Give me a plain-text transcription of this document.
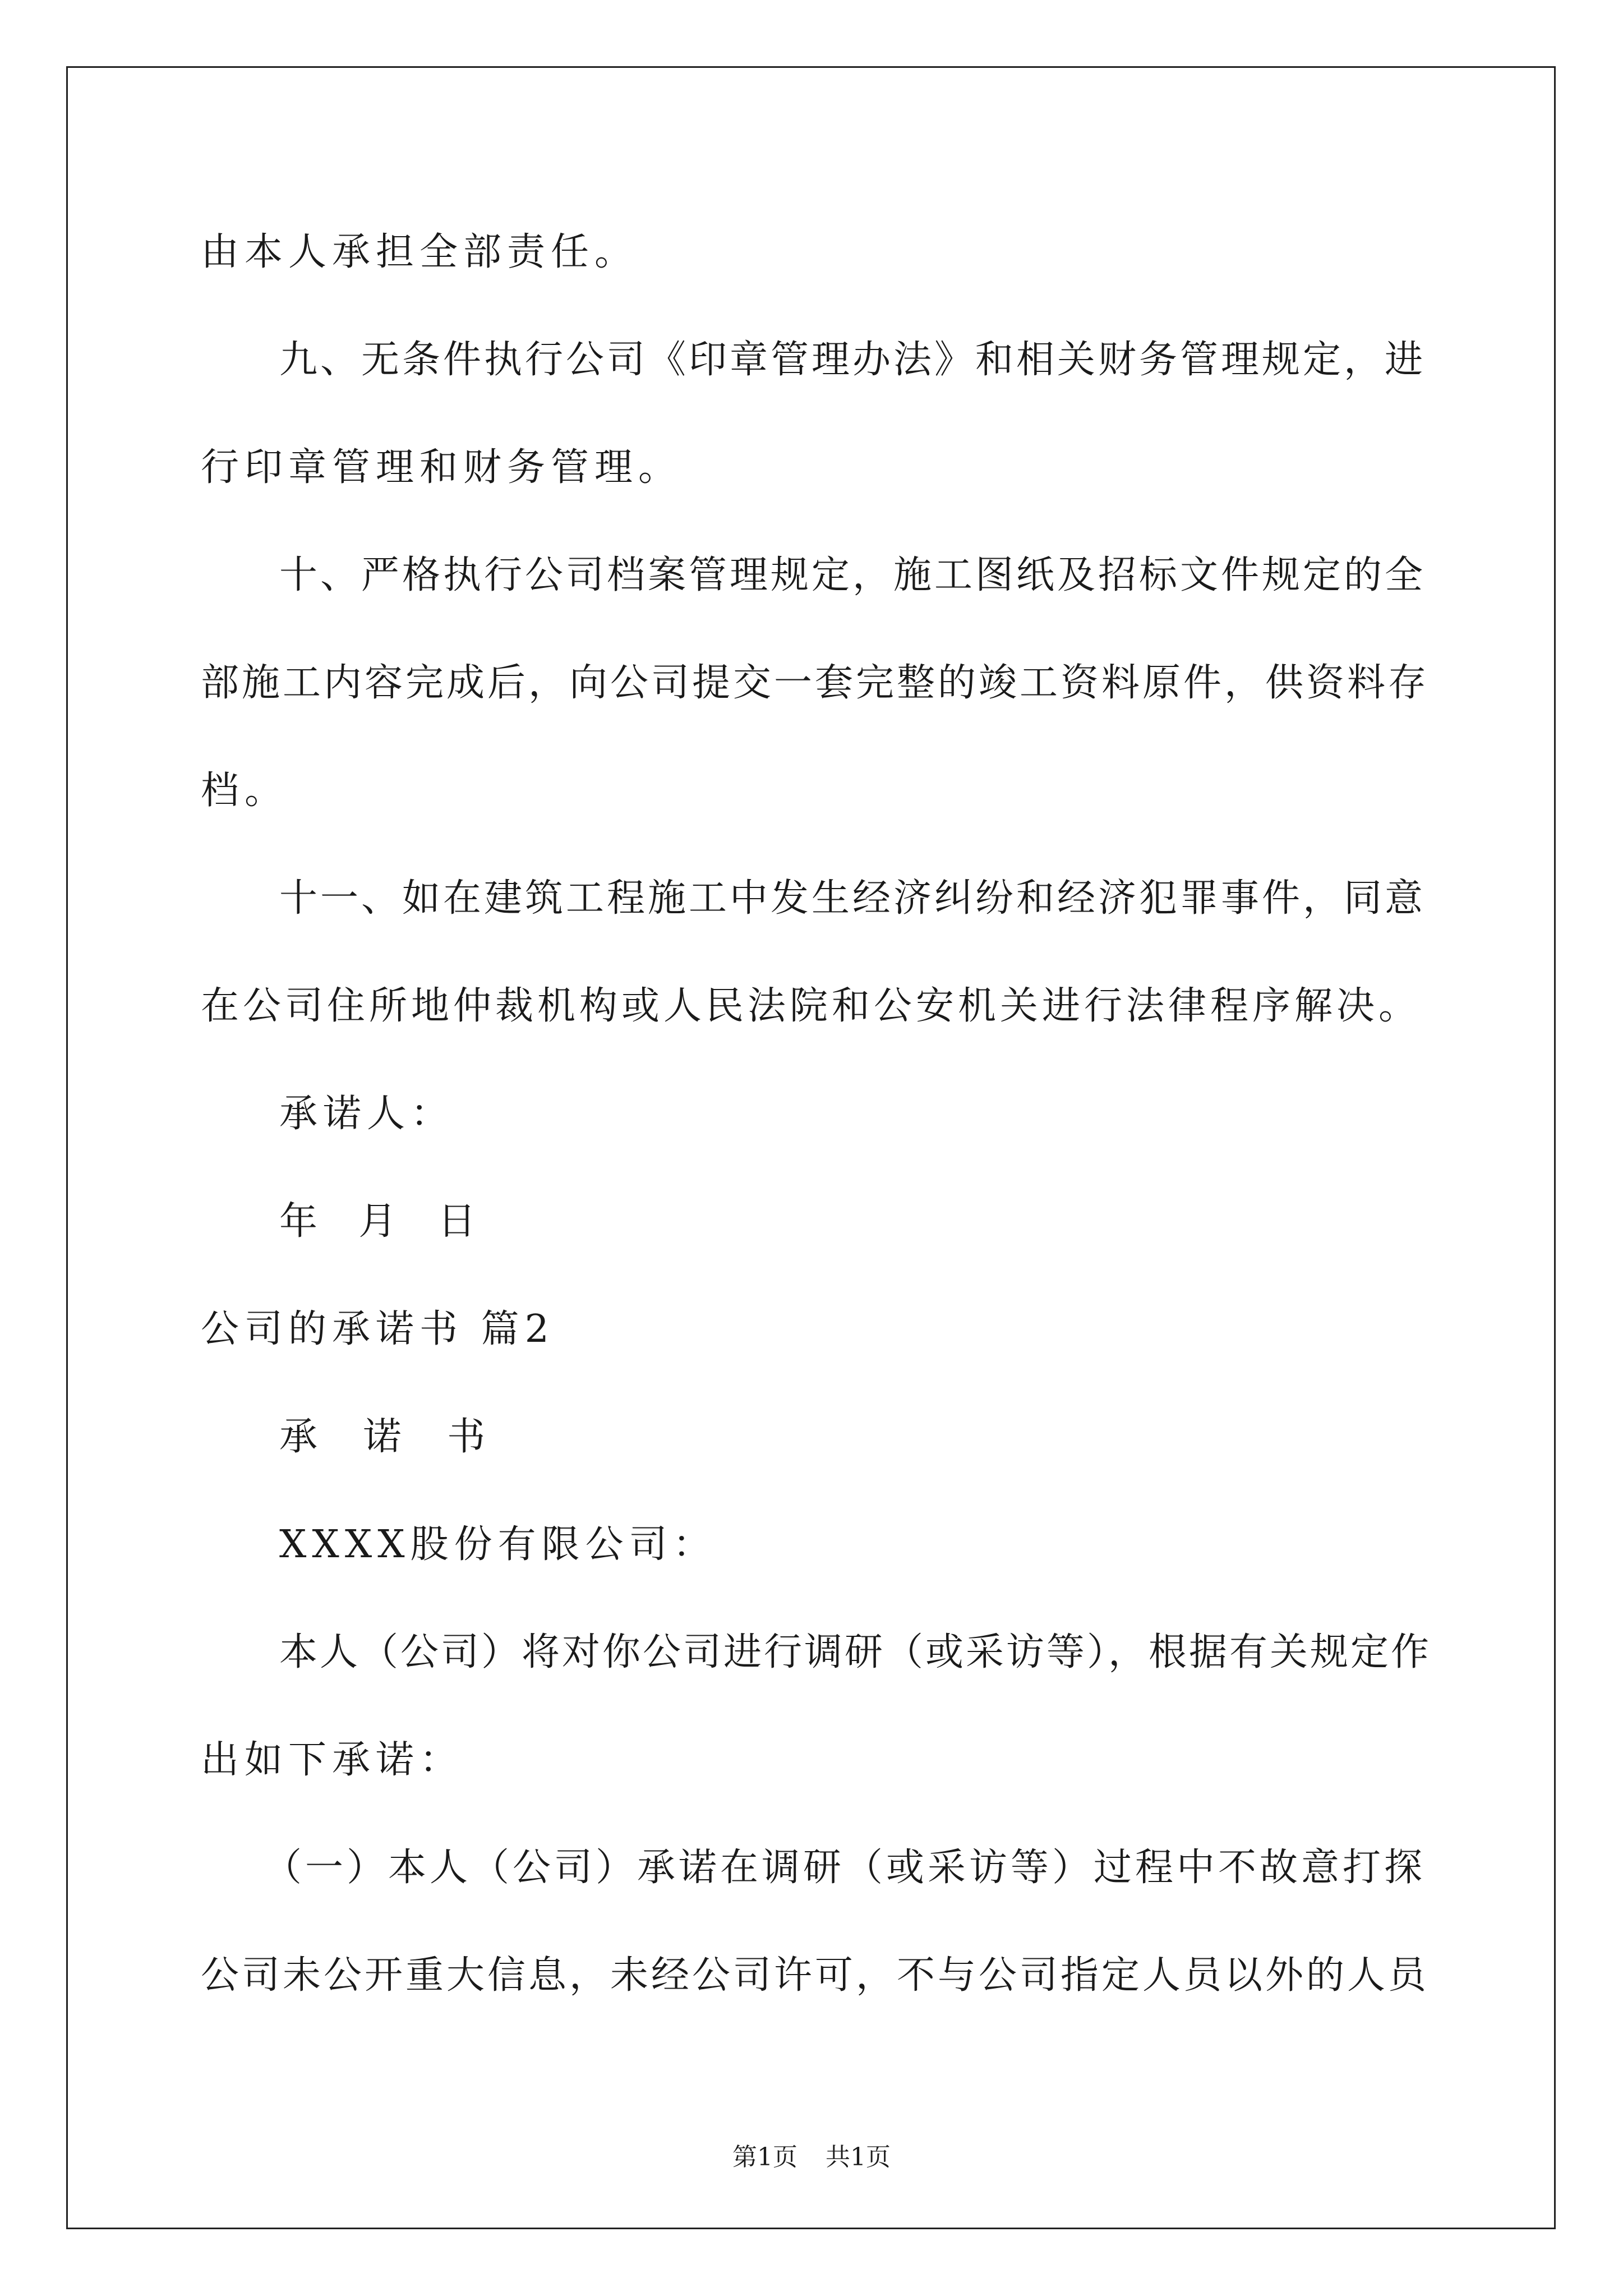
由本人承担全部责任。
九、无条件执行公司《印章管理办法》和相关财务管理规定，进
行印章管理和财务管理。
十、严格执行公司档案管理规定，施工图纸及招标文件规定的全
部施工内容完成后，向公司提交一套完整的竣工资料原件，供资料存
档。
十一、如在建筑工程施工中发生经济纠纷和经济犯罪事件，同意
在公司住所地仲裁机构或人民法院和公安机关进行法律程序解决。
承诺人：
年  月  日
公司的承诺书 篇2
承 诺 书
XXXX股份有限公司：
本人（公司）将对你公司进行调研（或采访等），根据有关规定作
出如下承诺：
（一）本人（公司）承诺在调研（或采访等）过程中不故意打探
公司未公开重大信息，未经公司许可，不与公司指定人员以外的人员
第1页 共1页
